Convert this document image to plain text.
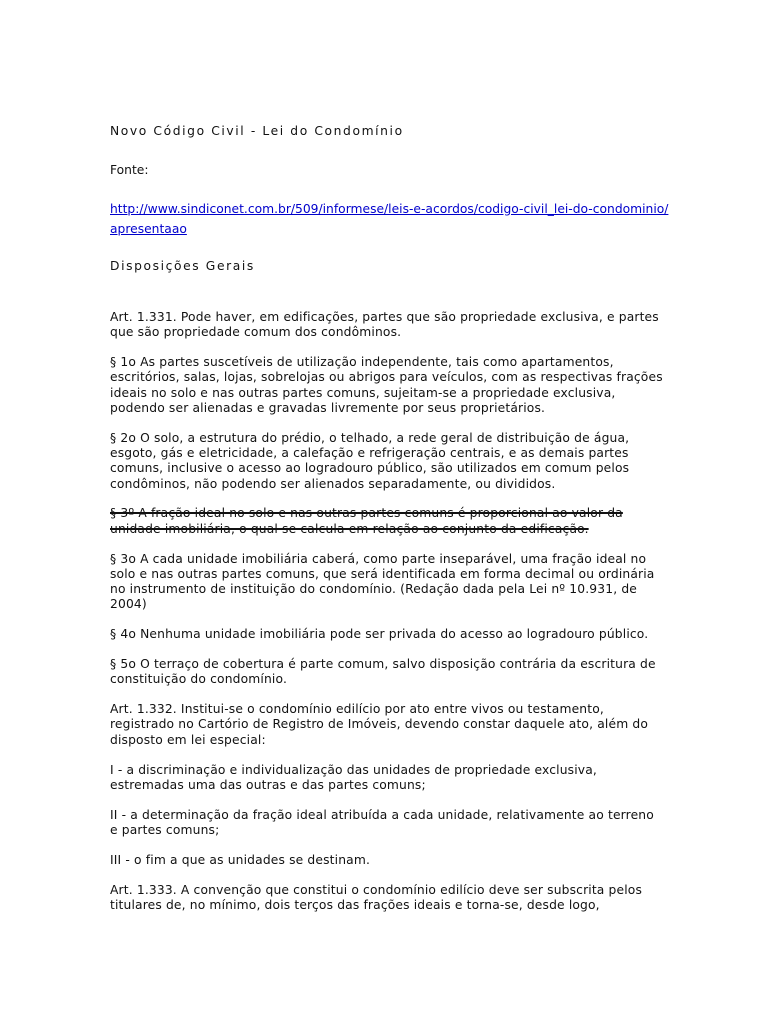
Novo Código Civil - Lei do Condomínio
Fonte:
http://www.sindiconet.com.br/509/informese/leis-e-acordos/codigo-civil_lei-do-condominio/apresentaao
Disposições Gerais

Art. 1.331. Pode haver, em edificações, partes que são propriedade exclusiva, e partes que são propriedade comum dos condôminos.

§ 1o As partes suscetíveis de utilização independente, tais como apartamentos, escritórios, salas, lojas, sobrelojas ou abrigos para veículos, com as respectivas frações ideais no solo e nas outras partes comuns, sujeitam-se a propriedade exclusiva, podendo ser alienadas e gravadas livremente por seus proprietários.

§ 2o O solo, a estrutura do prédio, o telhado, a rede geral de distribuição de água, esgoto, gás e eletricidade, a calefação e refrigeração centrais, e as demais partes comuns, inclusive o acesso ao logradouro público, são utilizados em comum pelos condôminos, não podendo ser alienados separadamente, ou divididos.

§ 3º A fração ideal no solo e nas outras partes comuns é proporcional ao valor da unidade imobiliária, o qual se calcula em relação ao conjunto da edificação.

§ 3o A cada unidade imobiliária caberá, como parte inseparável, uma fração ideal no solo e nas outras partes comuns, que será identificada em forma decimal ou ordinária no instrumento de instituição do condomínio. (Redação dada pela Lei nº 10.931, de 2004)

§ 4o Nenhuma unidade imobiliária pode ser privada do acesso ao logradouro público.

§ 5o O terraço de cobertura é parte comum, salvo disposição contrária da escritura de constituição do condomínio.

Art. 1.332. Institui-se o condomínio edilício por ato entre vivos ou testamento, registrado no Cartório de Registro de Imóveis, devendo constar daquele ato, além do disposto em lei especial:

I - a discriminação e individualização das unidades de propriedade exclusiva, estremadas uma das outras e das partes comuns;

II - a determinação da fração ideal atribuída a cada unidade, relativamente ao terreno e partes comuns;

III - o fim a que as unidades se destinam.

Art. 1.333. A convenção que constitui o condomínio edilício deve ser subscrita pelos titulares de, no mínimo, dois terços das frações ideais e torna-se, desde logo,
